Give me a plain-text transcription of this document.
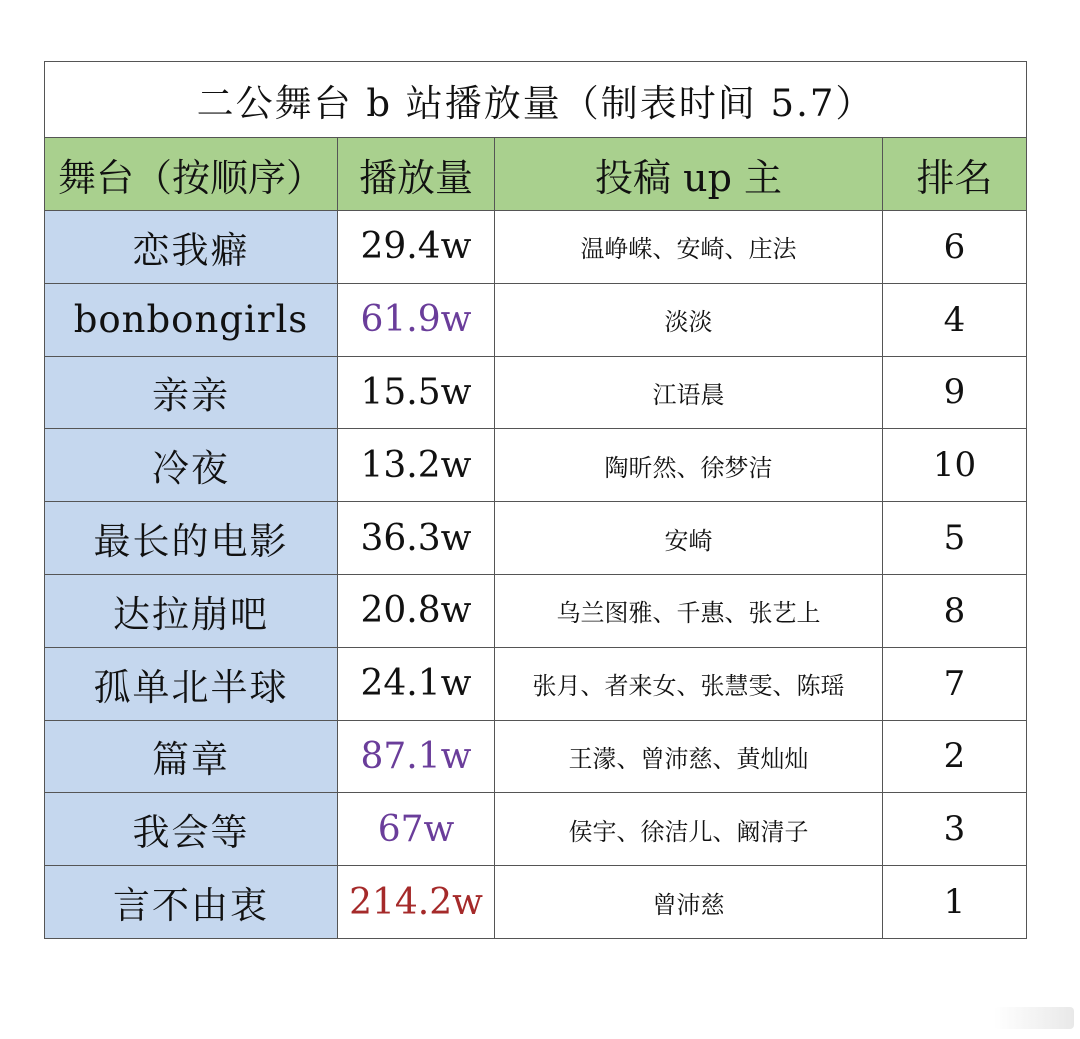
二公舞台 b 站播放量（制表时间 5.7）			
舞台（按顺序）	播放量	投稿 up 主	排名
恋我癖	29.4w	温峥嵘、安崎、庄法	6
bonbongirls	61.9w	淡淡	4
亲亲	15.5w	江语晨	9
冷夜	13.2w	陶昕然、徐梦洁	10
最长的电影	36.3w	安崎	5
达拉崩吧	20.8w	乌兰图雅、千惠、张艺上	8
孤单北半球	24.1w	张月、者来女、张慧雯、陈瑶	7
篇章	87.1w	王濛、曾沛慈、黄灿灿	2
我会等	67w	侯宇、徐洁儿、阚清子	3
言不由衷	214.2w	曾沛慈	1
